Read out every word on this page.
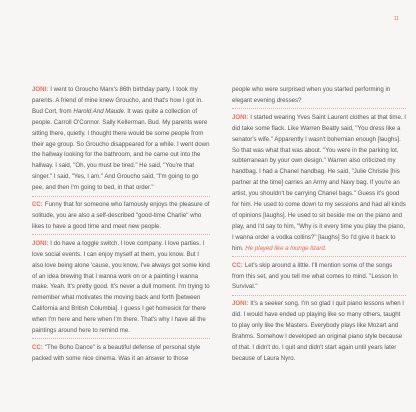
11

JONI: I went to Groucho Marx's 86th birthday party. I took my parents. A friend of mine knew Groucho, and that's how I got in. Bud Cort, from Harold And Maude. It was quite a collection of people. Carroll O'Connor. Sally Kellerman. Bud. My parents were sitting there, quietly. I thought there would be some people from their age group. So Groucho disappeared for a while. I went down the hallway looking for the bathroom, and he came out into the hallway. I said, "Oh, you must be tired." He said, "You're that singer." I said, "Yes, I am." And Groucho said, "I'm going to go pee, and then I'm going to bed, in that order."

CC: Funny that for someone who famously enjoys the pleasure of solitude, you are also a self-described "good-time Charlie" who likes to have a good time and meet new people.

JONI: I do have a toggle switch. I love company. I love parties. I love social events. I can enjoy myself at them, you know. But I also love being alone 'cause, you know, I've always got some kind of an idea brewing that I wanna work on or a painting I wanna make. Yeah. It's pretty good. It's never a dull moment. I'm trying to remember what motivates the moving back and forth [between California and British Columbia]. I guess I get homesick for there when I'm here and here when I'm there. That's why I have all the paintings around here to remind me.

CC: "The Boho Dance" is a beautiful defense of personal style packed with some nice cinema. Was it an answer to those

people who were surprised when you started performing in elegant evening dresses?

JONI: I started wearing Yves Saint Laurent clothes at that time. I did take some flack. Like Warren Beatty said, "You dress like a senator's wife." Apparently I wasn't bohemian enough [laughs]. So that was what that was about. "You were in the parking lot, subterranean by your own design." Warren also criticized my handbag. I had a Chanel handbag. He said, "Julie Christie [his partner at the time] carries an Army and Navy bag. If you're an artist, you shouldn't be carrying Chanel bags." Guess it's good for him. He used to come down to my sessions and had all kinds of opinions [laughs]. He used to sit beside me on the piano and play, and I'd say to him, "Why is it every time you play the piano, I wanna order a vodka collins?" [laughs] So I'd give it back to him. He played like a lounge lizard.

CC: Let's skip around a little. I'll mention some of the songs from this set, and you tell me what comes to mind. "Lesson In Survival."

JONI: It's a seeker song. I'm so glad I quit piano lessons when I did. I would have ended up playing like so many others, taught to play only like the Masters. Everybody plays like Mozart and Brahms. Somehow I developed an original piano style because of that. I didn't do. I quit and didn't start again until years later because of Laura Nyro.
